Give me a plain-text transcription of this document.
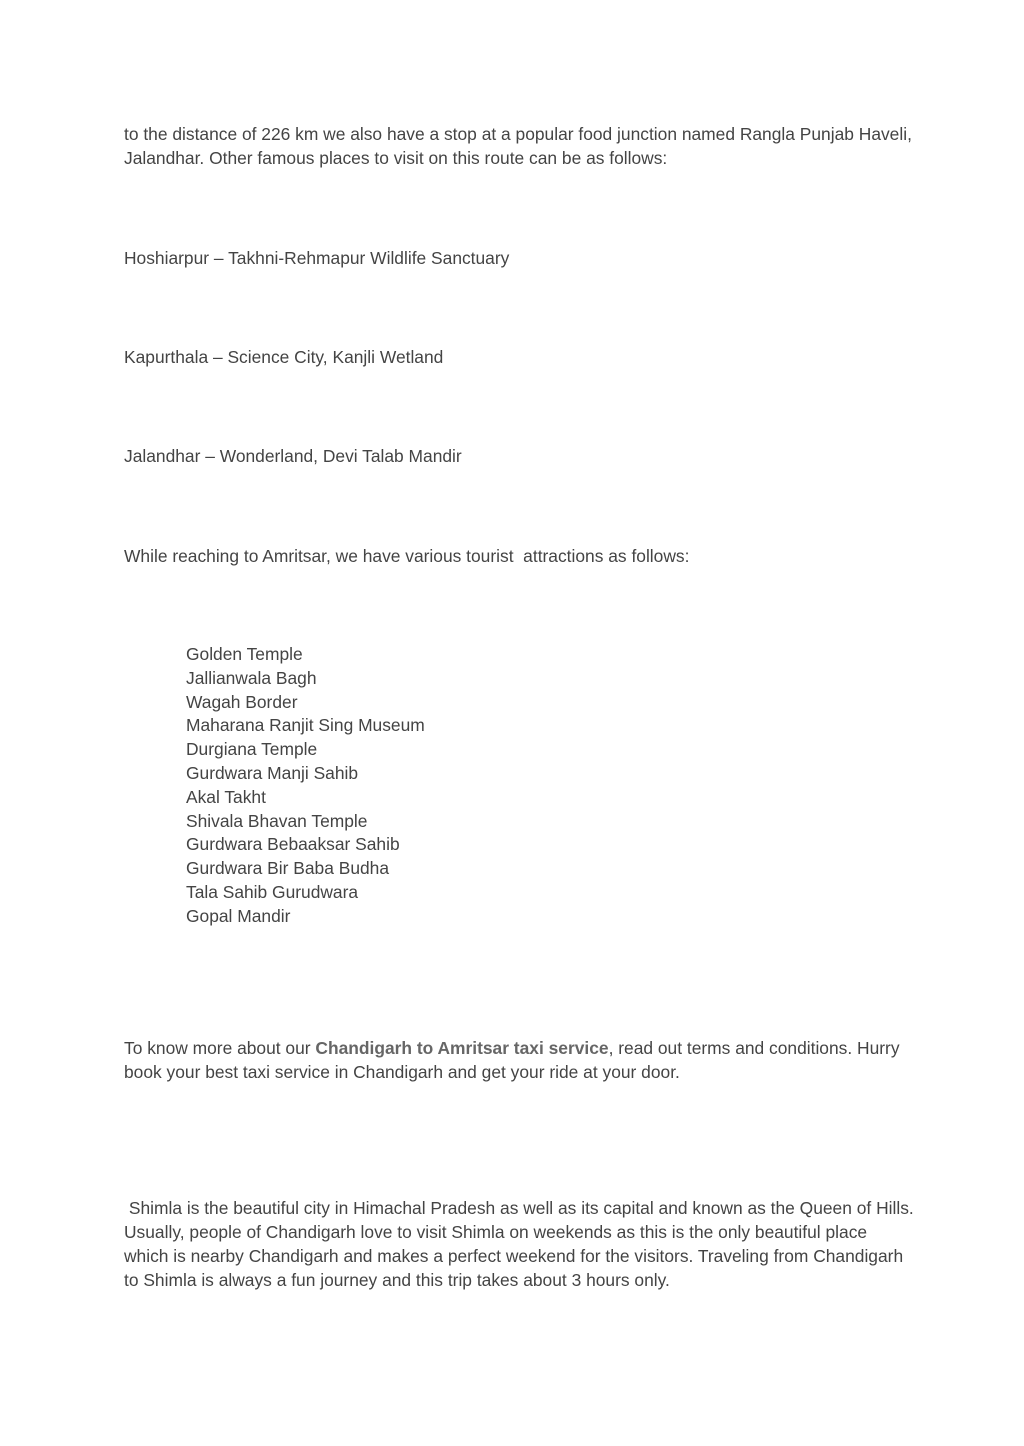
to the distance of 226 km we also have a stop at a popular food junction named Rangla Punjab Haveli, Jalandhar. Other famous places to visit on this route can be as follows:

Hoshiarpur – Takhni-Rehmapur Wildlife Sanctuary

Kapurthala – Science City, Kanjli Wetland

Jalandhar – Wonderland, Devi Talab Mandir

While reaching to Amritsar, we have various tourist  attractions as follows:

Golden Temple
Jallianwala Bagh
Wagah Border
Maharana Ranjit Sing Museum
Durgiana Temple
Gurdwara Manji Sahib
Akal Takht
Shivala Bhavan Temple
Gurdwara Bebaaksar Sahib
Gurdwara Bir Baba Budha
Tala Sahib Gurudwara
Gopal Mandir

To know more about our Chandigarh to Amritsar taxi service, read out terms and conditions. Hurry book your best taxi service in Chandigarh and get your ride at your door.

Shimla is the beautiful city in Himachal Pradesh as well as its capital and known as the Queen of Hills. Usually, people of Chandigarh love to visit Shimla on weekends as this is the only beautiful place which is nearby Chandigarh and makes a perfect weekend for the visitors. Traveling from Chandigarh to Shimla is always a fun journey and this trip takes about 3 hours only.
